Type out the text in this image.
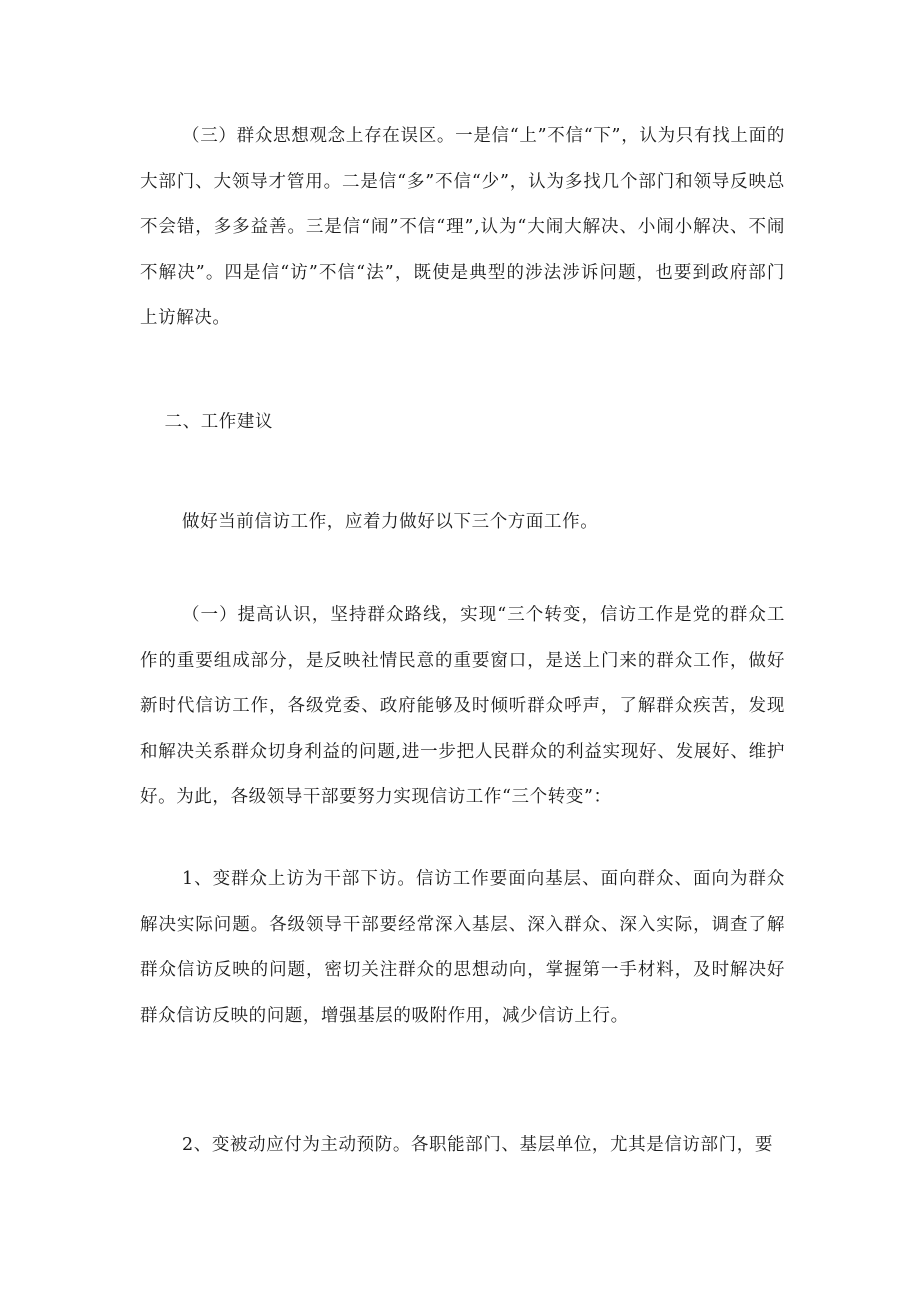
（三）群众思想观念上存在误区。一是信“上”不信“下”，认为只有找上面的大部门、大领导才管用。二是信“多”不信“少”，认为多找几个部门和领导反映总不会错，多多益善。三是信“闹”不信“理”,认为“大闹大解决、小闹小解决、不闹不解决”。四是信“访”不信“法”，既使是典型的涉法涉诉问题，也要到政府部门上访解决。

二、工作建议

做好当前信访工作，应着力做好以下三个方面工作。

（一）提高认识，坚持群众路线，实现“三个转变，信访工作是党的群众工作的重要组成部分，是反映社情民意的重要窗口，是送上门来的群众工作，做好新时代信访工作，各级党委、政府能够及时倾听群众呼声，了解群众疾苦，发现和解决关系群众切身利益的问题,进一步把人民群众的利益实现好、发展好、维护好。为此，各级领导干部要努力实现信访工作“三个转变”：

1、变群众上访为干部下访。信访工作要面向基层、面向群众、面向为群众解决实际问题。各级领导干部要经常深入基层、深入群众、深入实际，调查了解群众信访反映的问题，密切关注群众的思想动向，掌握第一手材料，及时解决好群众信访反映的问题，增强基层的吸附作用，减少信访上行。

2、变被动应付为主动预防。各职能部门、基层单位，尤其是信访部门，要
